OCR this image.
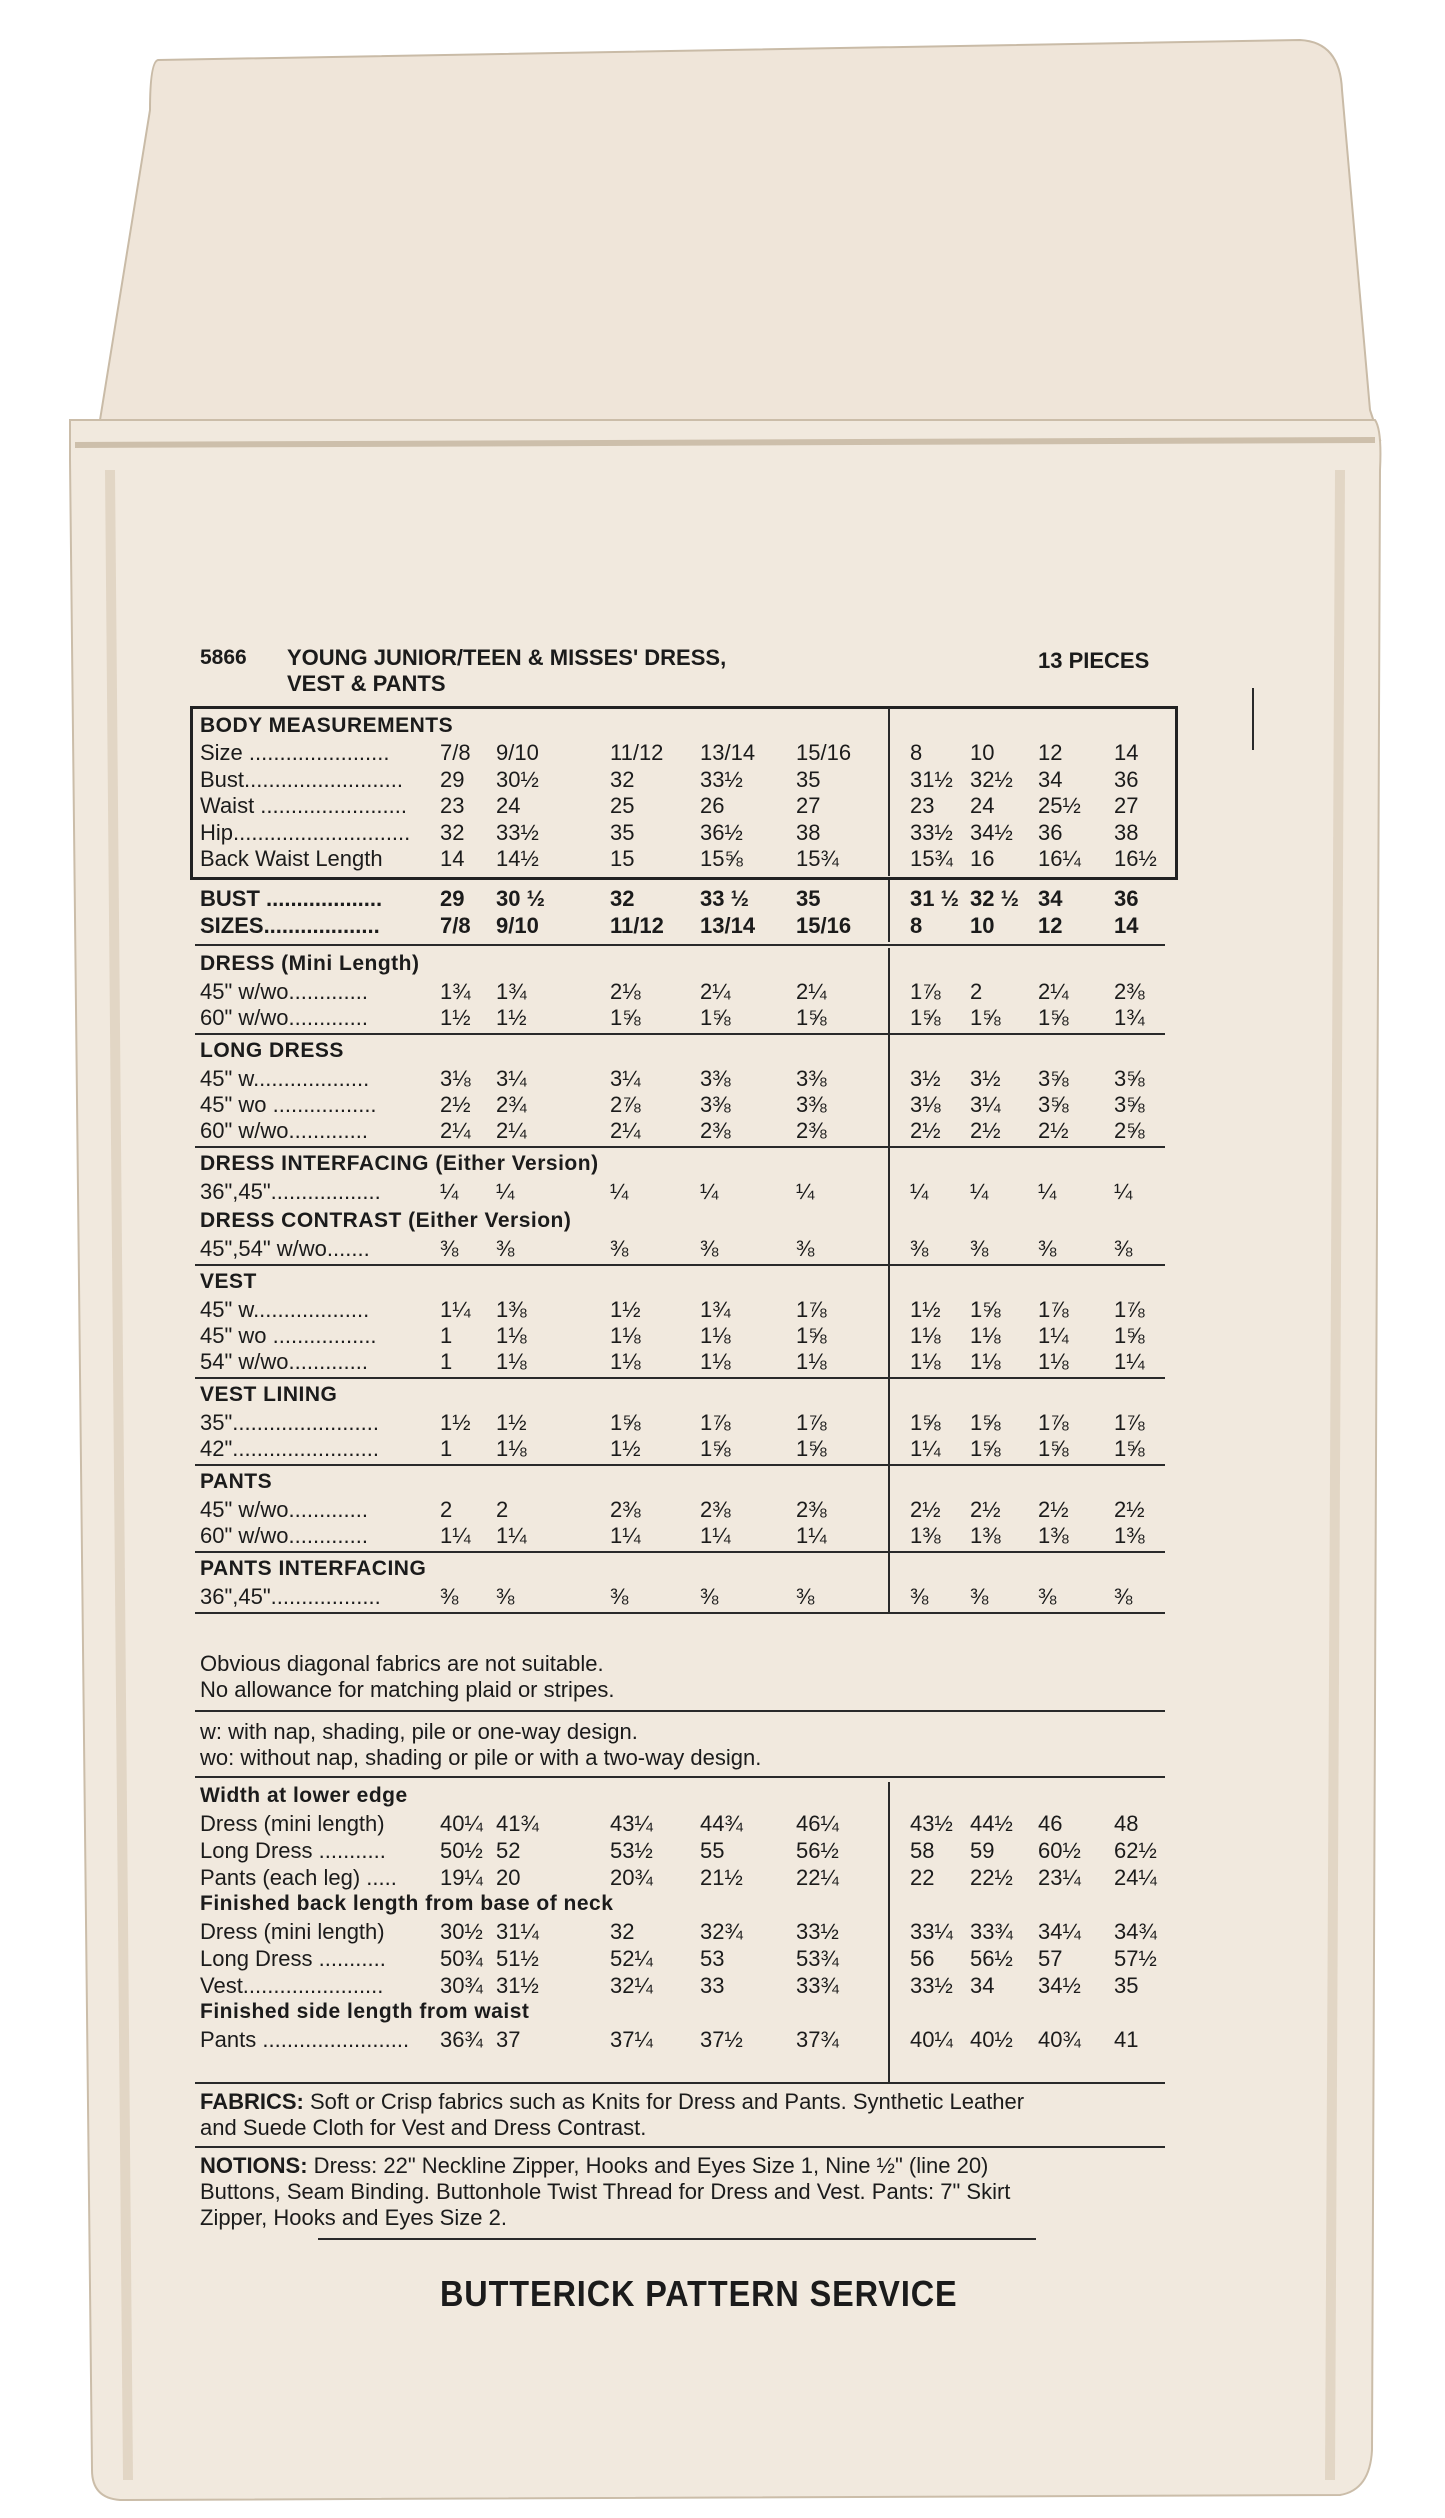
5866 YOUNG JUNIOR/TEEN & MISSES' DRESS,
VEST & PANTS
13 PIECES
BODY MEASUREMENTS
Size ....................... 7/8 9/10	11/12 13/14 15/16	8 10 12 14
Bust.......................... 29 30½	32	33½ 35	31½ 32½ 34 36
Waist ........................ 23 24	25	26	27	23 24 25½ 27
Hip............................. 32 33½	35	36½ 38	33½ 34½ 36 38
Back Waist Length	14 14½	15	15⅝ 15¾	15¾ 16 16¼ 16½
BUST ...................	29 30 ½	32	33 ½ 35	31 ½ 32 ½ 34 36
SIZES...................	7/8 9/10	11/12 13/14 15/16	8 10 12 14
DRESS (Mini Length)
45" w/wo.............	1¾ 1¾	2⅛	2¼	2¼	1⅞ 2	2¼ 2⅜
60" w/wo.............	1½ 1½	1⅝	1⅝	1⅝	1⅝ 1⅝ 1⅝ 1¾
LONG DRESS
45" w...................	3⅛ 3¼	3¼	3⅜	3⅜	3½ 3½ 3⅝ 3⅝
45" wo .................	2½ 2¾	2⅞	3⅜	3⅜	3⅛ 3¼ 3⅝ 3⅝
60" w/wo.............	2¼ 2¼	2¼	2⅜	2⅜	2½ 2½ 2½ 2⅝
DRESS INTERFACING (Either Version)
36",45"..................	¼ ¼	¼	¼	¼	¼ ¼ ¼	¼
DRESS CONTRAST (Either Version)
45",54" w/wo.......	⅜ ⅜	⅜	⅜	⅜	⅜ ⅜ ⅜	⅜
VEST
45" w...................	1¼ 1⅜	1½	1¾	1⅞	1½ 1⅝ 1⅞ 1⅞
45" wo .................	1 1⅛	1⅛	1⅛	1⅝	1⅛ 1⅛ 1¼ 1⅝
54" w/wo.............	1 1⅛	1⅛	1⅛	1⅛	1⅛ 1⅛ 1⅛ 1¼
VEST LINING
35"........................	1½ 1½	1⅝	1⅞	1⅞	1⅝ 1⅝ 1⅞ 1⅞
42"........................	1 1⅛	1½	1⅝	1⅝	1¼ 1⅝ 1⅝ 1⅝
PANTS
45" w/wo.............	2 2	2⅜	2⅜	2⅜	2½ 2½ 2½ 2½
60" w/wo.............	1¼ 1¼	1¼	1¼	1¼	1⅜ 1⅜ 1⅜ 1⅜
PANTS INTERFACING
36",45"..................	⅜ ⅜	⅜	⅜	⅜	⅜ ⅜ ⅜	⅜
Obvious diagonal fabrics are not suitable.
No allowance for matching plaid or stripes.
w: with nap, shading, pile or one-way design.
wo: without nap, shading or pile or with a two-way design.
Width at lower edge
Dress (mini length)	40¼ 41¾	43¼ 44¾ 46¼	43½ 44½ 46 48
Long Dress ........... 50½ 52	53½ 55	56½	58 59 60½ 62½
Pants (each leg) ..... 19¼ 20	20¾ 21½ 22¼	22 22½ 23¼ 24¼
Finished back length from base of neck
Dress (mini length)	30½ 31¼	32	32¾ 33½	33¼ 33¾ 34¼ 34¾
Long Dress ........... 50¾ 51½	52¼ 53	53¾	56 56½ 57 57½
Vest.......................	30¾ 31½	32¼ 33	33¾	33½ 34 34½ 35
Finished side length from waist
Pants ........................ 36¾ 37	37¼ 37½ 37¾	40¼ 40½ 40¾ 41
FABRICS: Soft or Crisp fabrics such as Knits for Dress and Pants. Synthetic Leather
and Suede Cloth for Vest and Dress Contrast.
NOTIONS: Dress: 22" Neckline Zipper, Hooks and Eyes Size 1, Nine ½" (line 20)
Buttons, Seam Binding. Buttonhole Twist Thread for Dress and Vest. Pants: 7" Skirt
Zipper, Hooks and Eyes Size 2.
BUTTERICK PATTERN SERVICE
